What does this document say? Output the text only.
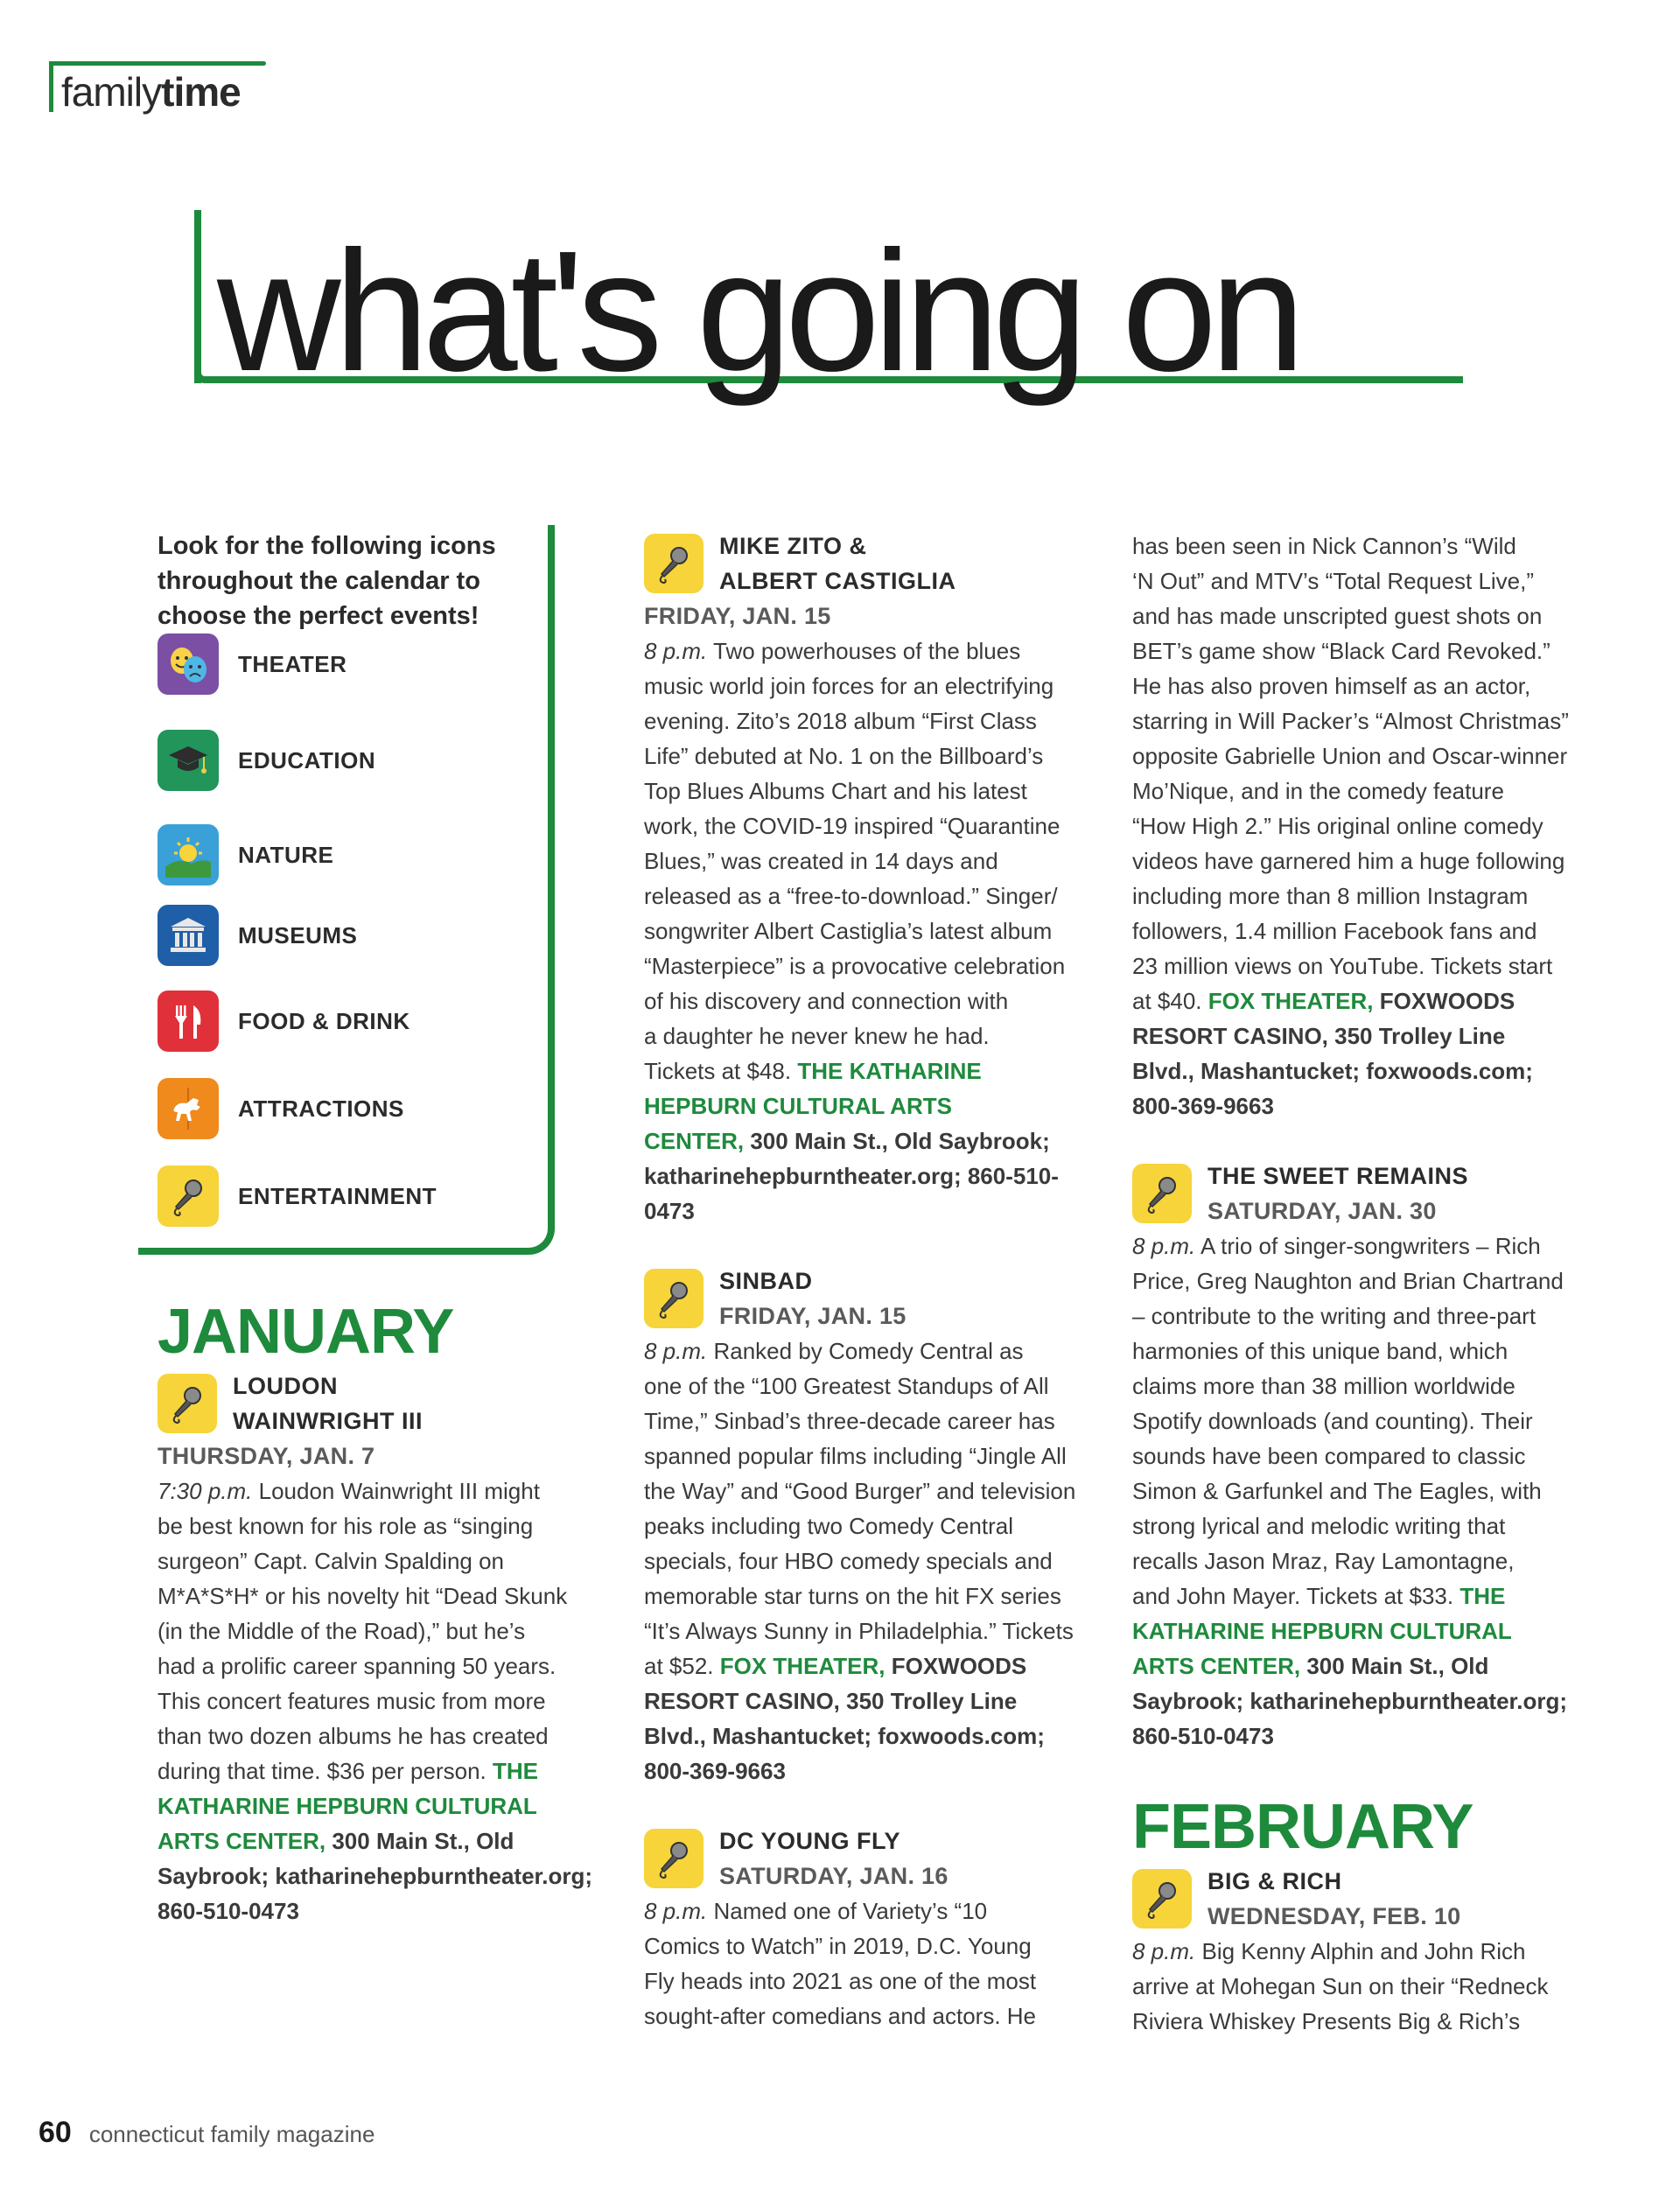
familytime
what's going on
Look for the following icons throughout the calendar to choose the perfect events!
THEATER
EDUCATION
NATURE
MUSEUMS
FOOD & DRINK
ATTRACTIONS
ENTERTAINMENT
JANUARY
LOUDON
WAINWRIGHT III
THURSDAY, JAN. 7
7:30 p.m. Loudon Wainwright III might
be best known for his role as “singing
surgeon” Capt. Calvin Spalding on
M*A*S*H* or his novelty hit “Dead Skunk
(in the Middle of the Road),” but he’s
had a prolific career spanning 50 years.
This concert features music from more
than two dozen albums he has created
during that time. $36 per person. THE
KATHARINE HEPBURN CULTURAL
ARTS CENTER, 300 Main St., Old
Saybrook; katharinehepburntheater.org;
860-510-0473
MIKE ZITO &
ALBERT CASTIGLIA
FRIDAY, JAN. 15
8 p.m. Two powerhouses of the blues
music world join forces for an electrifying
evening. Zito’s 2018 album “First Class
Life” debuted at No. 1 on the Billboard’s
Top Blues Albums Chart and his latest
work, the COVID-19 inspired “Quarantine
Blues,” was created in 14 days and
released as a “free-to-download.” Singer/
songwriter Albert Castiglia’s latest album
“Masterpiece” is a provocative celebration
of his discovery and connection with
a daughter he never knew he had.
Tickets at $48. THE KATHARINE
HEPBURN CULTURAL ARTS
CENTER, 300 Main St., Old Saybrook;
katharinehepburntheater.org; 860-510-
0473
SINBAD
FRIDAY, JAN. 15
8 p.m. Ranked by Comedy Central as
one of the “100 Greatest Standups of All
Time,” Sinbad’s three-decade career has
spanned popular films including “Jingle All
the Way” and “Good Burger” and television
peaks including two Comedy Central
specials, four HBO comedy specials and
memorable star turns on the hit FX series
“It’s Always Sunny in Philadelphia.” Tickets
at $52. FOX THEATER, FOXWOODS
RESORT CASINO, 350 Trolley Line
Blvd., Mashantucket; foxwoods.com;
800-369-9663
DC YOUNG FLY
SATURDAY, JAN. 16
8 p.m. Named one of Variety’s “10
Comics to Watch” in 2019, D.C. Young
Fly heads into 2021 as one of the most
sought-after comedians and actors. He
has been seen in Nick Cannon’s “Wild
‘N Out” and MTV’s “Total Request Live,”
and has made unscripted guest shots on
BET’s game show “Black Card Revoked.”
He has also proven himself as an actor,
starring in Will Packer’s “Almost Christmas”
opposite Gabrielle Union and Oscar-winner
Mo’Nique, and in the comedy feature
“How High 2.” His original online comedy
videos have garnered him a huge following
including more than 8 million Instagram
followers, 1.4 million Facebook fans and
23 million views on YouTube. Tickets start
at $40. FOX THEATER, FOXWOODS
RESORT CASINO, 350 Trolley Line
Blvd., Mashantucket; foxwoods.com;
800-369-9663
THE SWEET REMAINS
SATURDAY, JAN. 30
8 p.m. A trio of singer-songwriters – Rich
Price, Greg Naughton and Brian Chartrand
– contribute to the writing and three-part
harmonies of this unique band, which
claims more than 38 million worldwide
Spotify downloads (and counting). Their
sounds have been compared to classic
Simon & Garfunkel and The Eagles, with
strong lyrical and melodic writing that
recalls Jason Mraz, Ray Lamontagne,
and John Mayer. Tickets at $33. THE
KATHARINE HEPBURN CULTURAL
ARTS CENTER, 300 Main St., Old
Saybrook; katharinehepburntheater.org;
860-510-0473
FEBRUARY
BIG & RICH
WEDNESDAY, FEB. 10
8 p.m. Big Kenny Alphin and John Rich
arrive at Mohegan Sun on their “Redneck
Riviera Whiskey Presents Big & Rich’s
60 connecticut family magazine
